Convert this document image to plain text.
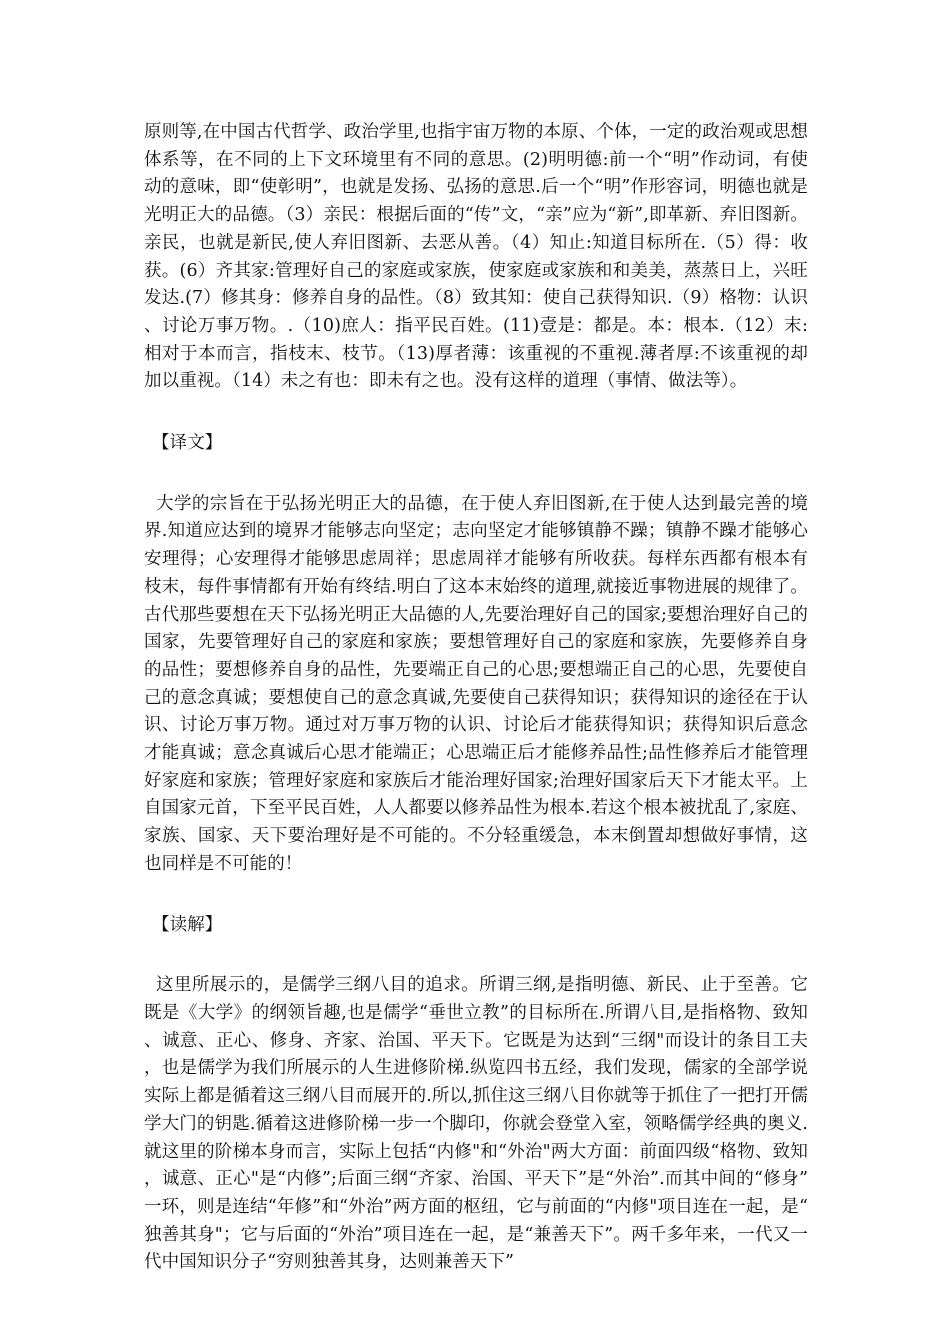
原则等,在中国古代哲学、政治学里,也指宇宙万物的本原、个体，一定的政治观或思想体系等，在不同的上下文环境里有不同的意思。(2)明明德:前一个“明”作动词，有使动的意味，即“使彰明”，也就是发扬、弘扬的意思.后一个“明”作形容词，明德也就是光明正大的品德。（3）亲民：根据后面的“传”文，“亲”应为“新”,即革新、弃旧图新。亲民，也就是新民,使人弃旧图新、去恶从善。（4）知止:知道目标所在.（5）得：收获。(6）齐其家:管理好自己的家庭或家族，使家庭或家族和和美美，蒸蒸日上，兴旺发达.(7）修其身：修养自身的品性。（8）致其知：使自己获得知识.（9）格物：认识、讨论万事万物。.（10)庶人：指平民百姓。(11)壹是：都是。本：根本.（12）末:相对于本而言，指枝末、枝节。（13)厚者薄：该重视的不重视.薄者厚:不该重视的却加以重视。（14）未之有也：即未有之也。没有这样的道理（事情、做法等）。

【译文】

大学的宗旨在于弘扬光明正大的品德，在于使人弃旧图新,在于使人达到最完善的境界.知道应达到的境界才能够志向坚定；志向坚定才能够镇静不躁；镇静不躁才能够心安理得；心安理得才能够思虑周祥；思虑周祥才能够有所收获。每样东西都有根本有枝末，每件事情都有开始有终结.明白了这本末始终的道理,就接近事物进展的规律了。古代那些要想在天下弘扬光明正大品德的人,先要治理好自己的国家;要想治理好自己的国家，先要管理好自己的家庭和家族；要想管理好自己的家庭和家族，先要修养自身的品性；要想修养自身的品性，先要端正自己的心思;要想端正自己的心思，先要使自己的意念真诚；要想使自己的意念真诚,先要使自己获得知识；获得知识的途径在于认识、讨论万事万物。通过对万事万物的认识、讨论后才能获得知识；获得知识后意念才能真诚；意念真诚后心思才能端正；心思端正后才能修养品性;品性修养后才能管理好家庭和家族；管理好家庭和家族后才能治理好国家;治理好国家后天下才能太平。上自国家元首，下至平民百姓，人人都要以修养品性为根本.若这个根本被扰乱了,家庭、家族、国家、天下要治理好是不可能的。不分轻重缓急，本末倒置却想做好事情，这也同样是不可能的！

【读解】

这里所展示的，是儒学三纲八目的追求。所谓三纲,是指明德、新民、止于至善。它既是《大学》的纲领旨趣,也是儒学“垂世立教”的目标所在.所谓八目,是指格物、致知、诚意、正心、修身、齐家、治国、平天下。它既是为达到“三纲"而设计的条目工夫，也是儒学为我们所展示的人生进修阶梯.纵览四书五经，我们发现，儒家的全部学说实际上都是循着这三纲八目而展开的.所以,抓住这三纲八目你就等于抓住了一把打开儒学大门的钥匙.循着这进修阶梯一步一个脚印，你就会登堂入室，领略儒学经典的奥义.就这里的阶梯本身而言，实际上包括“内修"和“外治"两大方面：前面四级“格物、致知，诚意、正心"是“内修”;后面三纲“齐家、治国、平天下”是“外治”.而其中间的“修身”一环，则是连结“年修”和“外治”两方面的枢纽，它与前面的“内修"项目连在一起，是“独善其身"；它与后面的“外治”项目连在一起，是“兼善天下”。两千多年来，一代又一代中国知识分子“穷则独善其身，达则兼善天下”
